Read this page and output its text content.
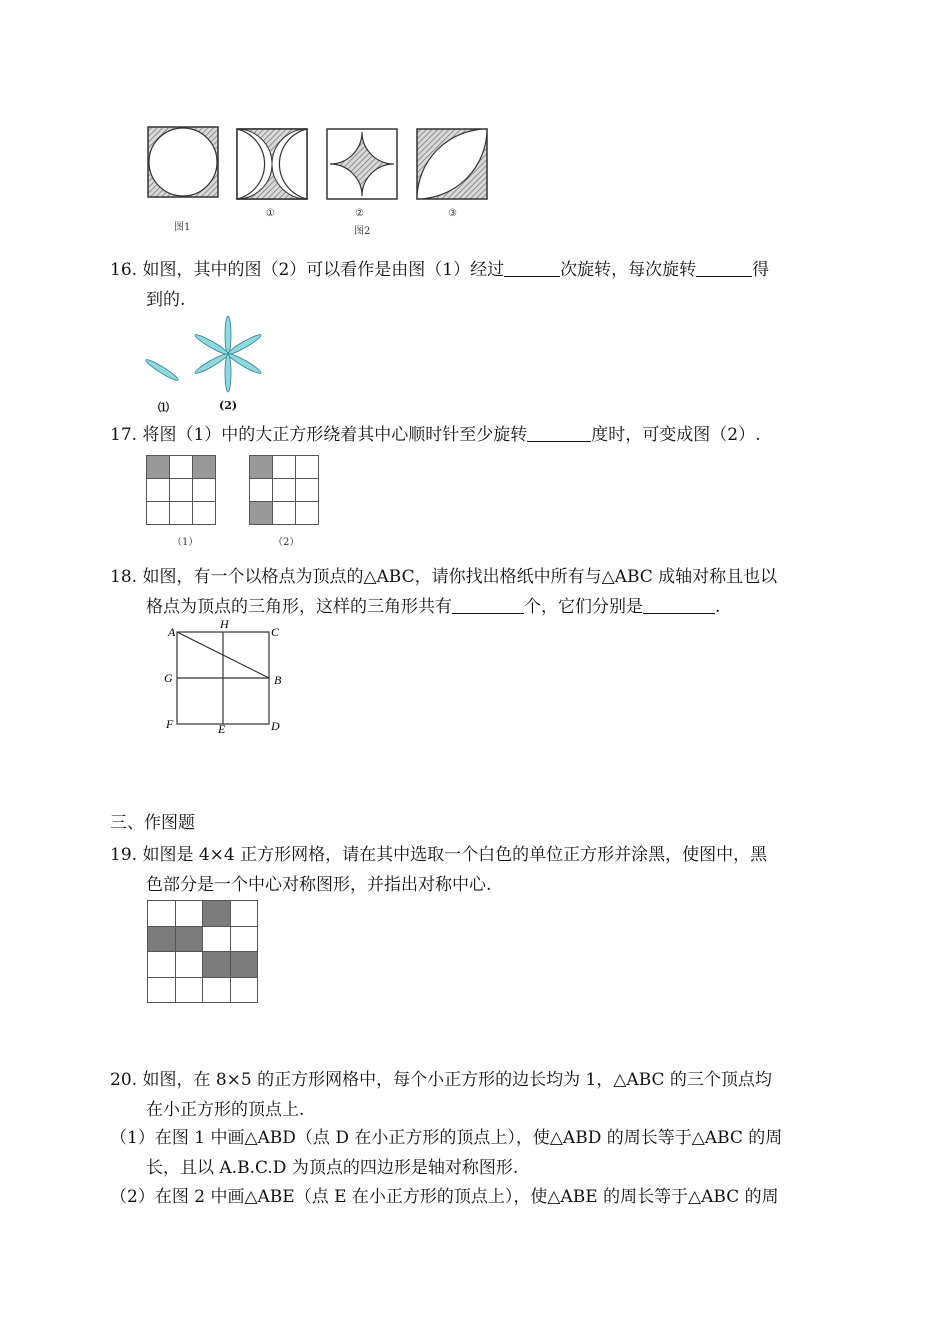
图1
①	②
图2
③
16. 如图，其中的图（2）可以看作是由图（1）经过	次旋转，每次旋转	得
到的.
⑴	(2)
17. 将图（1）中的大正方形绕着其中心顺时针至少旋转	度时，可变成图（2）.
（1）	（2）
18. 如图，有一个以格点为顶点的△ABC，请你找出格纸中所有与△ABC 成轴对称且也以
格点为顶点的三角形，这样的三角形共有	个，它们分别是	.
A
H
C
G	B
F	E	D
三、作图题
19. 如图是 4×4 正方形网格，请在其中选取一个白色的单位正方形并涂黑，使图中，黑
色部分是一个中心对称图形，并指出对称中心.
20. 如图，在 8×5 的正方形网格中，每个小正方形的边长均为 1，△ABC 的三个顶点均
在小正方形的顶点上.
（1）在图 1 中画△ABD（点 D 在小正方形的顶点上），使△ABD 的周长等于△ABC 的周
长，且以 A.B.C.D 为顶点的四边形是轴对称图形.
（2）在图 2 中画△ABE（点 E 在小正方形的顶点上），使△ABE 的周长等于△ABC 的周
